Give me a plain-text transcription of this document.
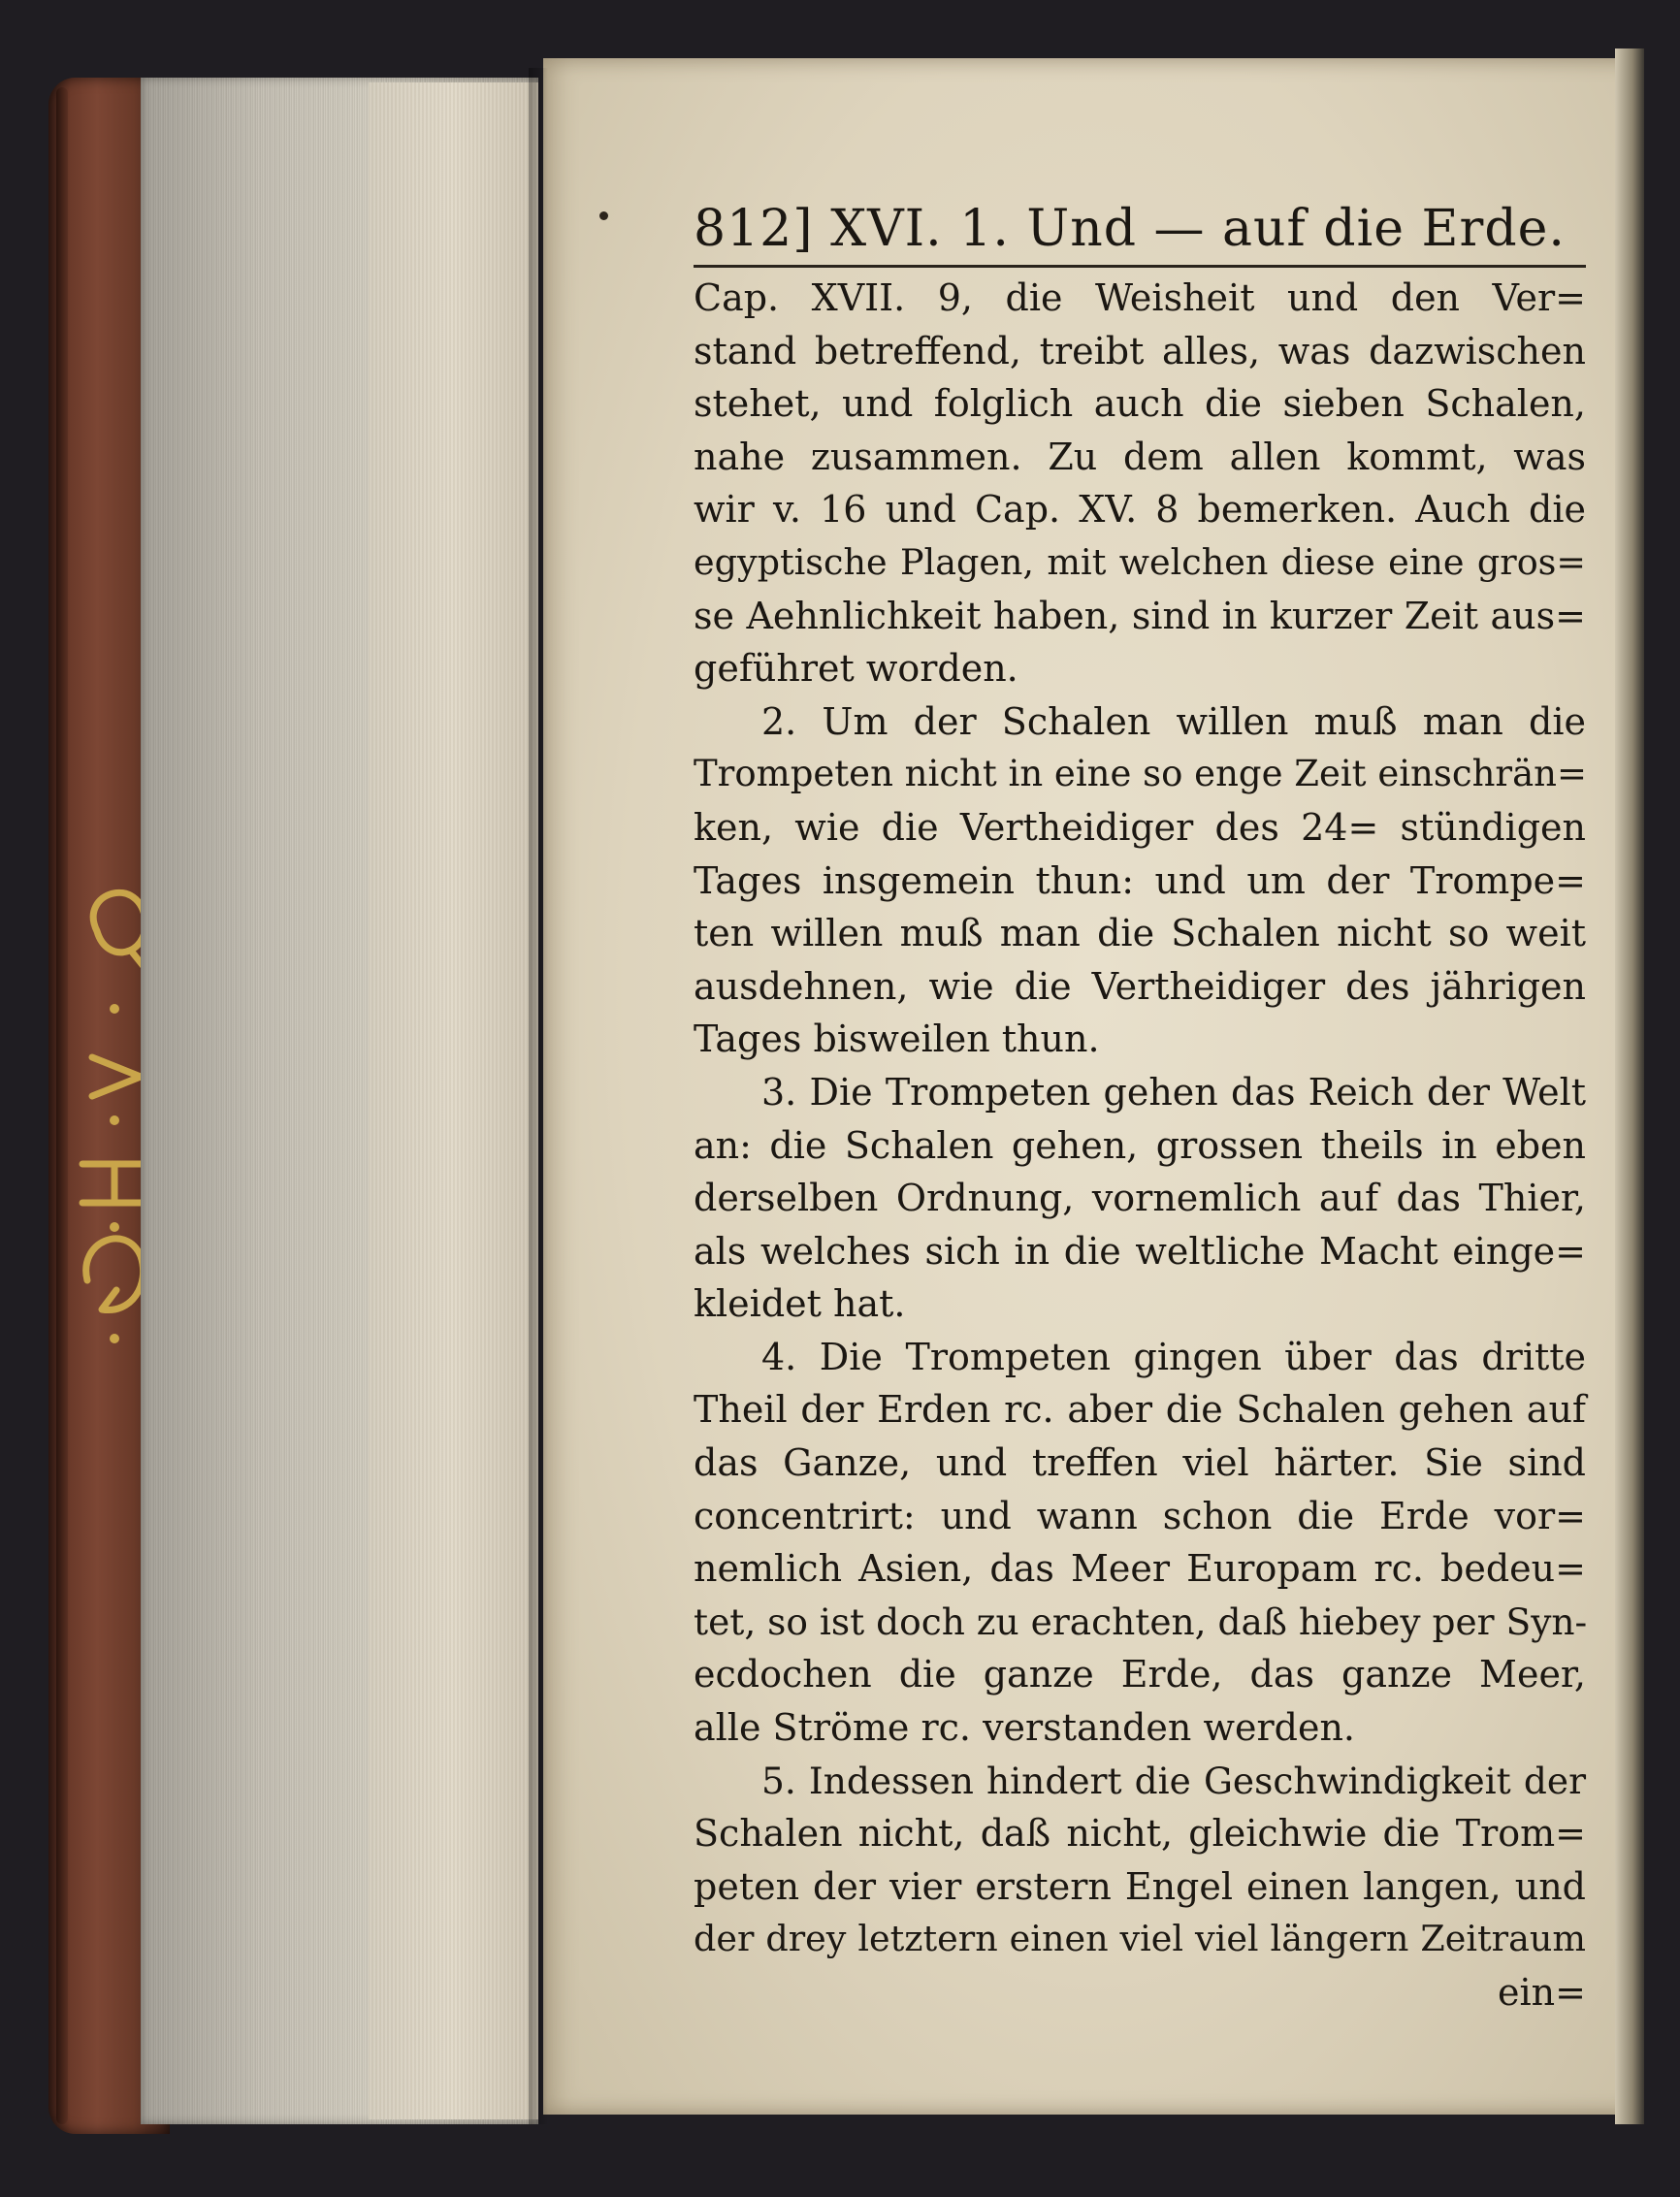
812] XVI. 1. Und — auf die Erde.
Cap. XVII. 9, die Weisheit und den Ver=
stand betreffend, treibt alles, was dazwischen
stehet, und folglich auch die sieben Schalen,
nahe zusammen. Zu dem allen kommt, was
wir v. 16 und Cap. XV. 8 bemerken. Auch die
egyptische Plagen, mit welchen diese eine gros=
se Aehnlichkeit haben, sind in kurzer Zeit aus=
geführet worden.
2. Um der Schalen willen muß man die
Trompeten nicht in eine so enge Zeit einschrän=
ken, wie die Vertheidiger des 24= stündigen
Tages insgemein thun: und um der Trompe=
ten willen muß man die Schalen nicht so weit
ausdehnen, wie die Vertheidiger des jährigen
Tages bisweilen thun.
3. Die Trompeten gehen das Reich der Welt
an: die Schalen gehen, grossen theils in eben
derselben Ordnung, vornemlich auf das Thier,
als welches sich in die weltliche Macht einge=
kleidet hat.
4. Die Trompeten gingen über das dritte
Theil der Erden rc. aber die Schalen gehen auf
das Ganze, und treffen viel härter. Sie sind
concentrirt: und wann schon die Erde vor=
nemlich Asien, das Meer Europam rc. bedeu=
tet, so ist doch zu erachten, daß hiebey per Syn-
ecdochen die ganze Erde, das ganze Meer,
alle Ströme rc. verstanden werden.
5. Indessen hindert die Geschwindigkeit der
Schalen nicht, daß nicht, gleichwie die Trom=
peten der vier erstern Engel einen langen, und
der drey letztern einen viel viel längern Zeitraum
ein=
